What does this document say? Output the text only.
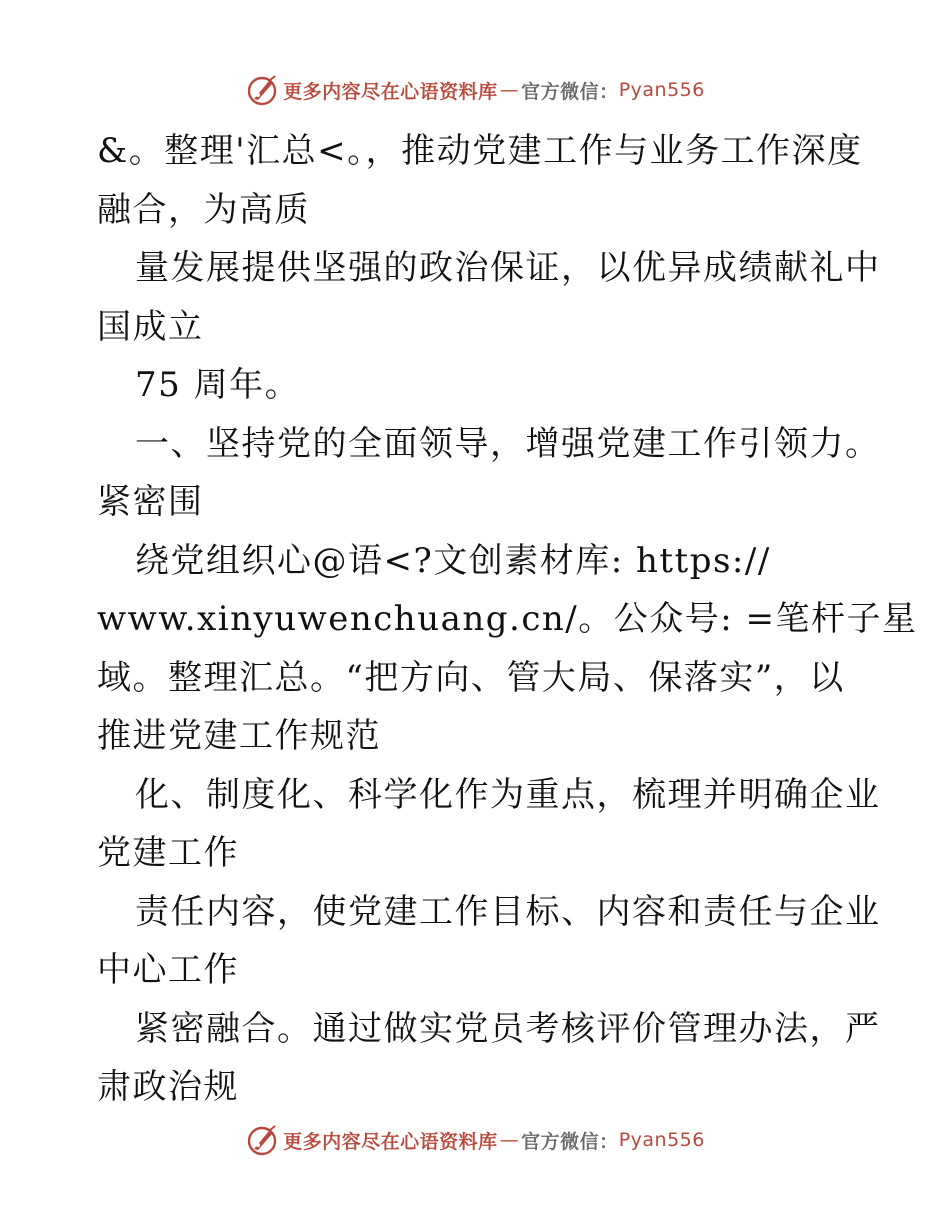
更多内容尽在心语资料库 — 官方微信： Pyan556
&。整理'汇总<。，推动党建工作与业务工作深度
融合，为高质
量发展提供坚强的政治保证，以优异成绩献礼中
国成立
75 周年。
一、坚持党的全面领导，增强党建工作引领力。
紧密围
绕党组织心@语<?文创素材库: https://
www.xinyuwenchuang.cn/。公众号: =笔杆子星
域。整理汇总。“把方向、管大局、保落实”，以
推进党建工作规范
化、制度化、科学化作为重点，梳理并明确企业
党建工作
责任内容，使党建工作目标、内容和责任与企业
中心工作
紧密融合。通过做实党员考核评价管理办法，严
肃政治规
更多内容尽在心语资料库 — 官方微信： Pyan556
